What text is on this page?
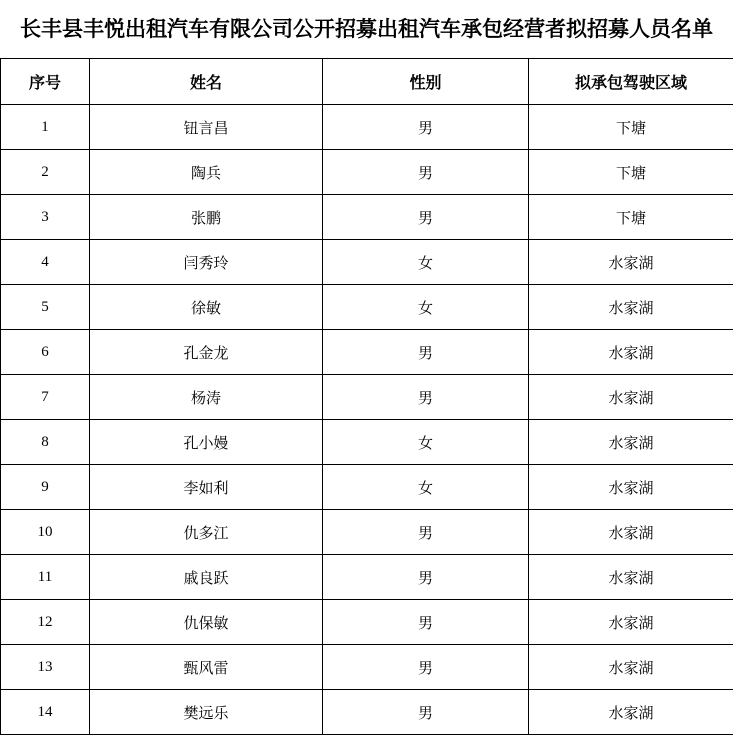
长丰县丰悦出租汽车有限公司公开招募出租汽车承包经营者拟招募人员名单
序号	姓名	性别	拟承包驾驶区域
1	钮言昌	男	下塘
2	陶兵	男	下塘
3	张鹏	男	下塘
4	闫秀玲	女	水家湖
5	徐敏	女	水家湖
6	孔金龙	男	水家湖
7	杨涛	男	水家湖
8	孔小嫚	女	水家湖
9	李如利	女	水家湖
10	仇多江	男	水家湖
11	戚良跃	男	水家湖
12	仇保敏	男	水家湖
13	甄风雷	男	水家湖
14	樊远乐	男	水家湖
